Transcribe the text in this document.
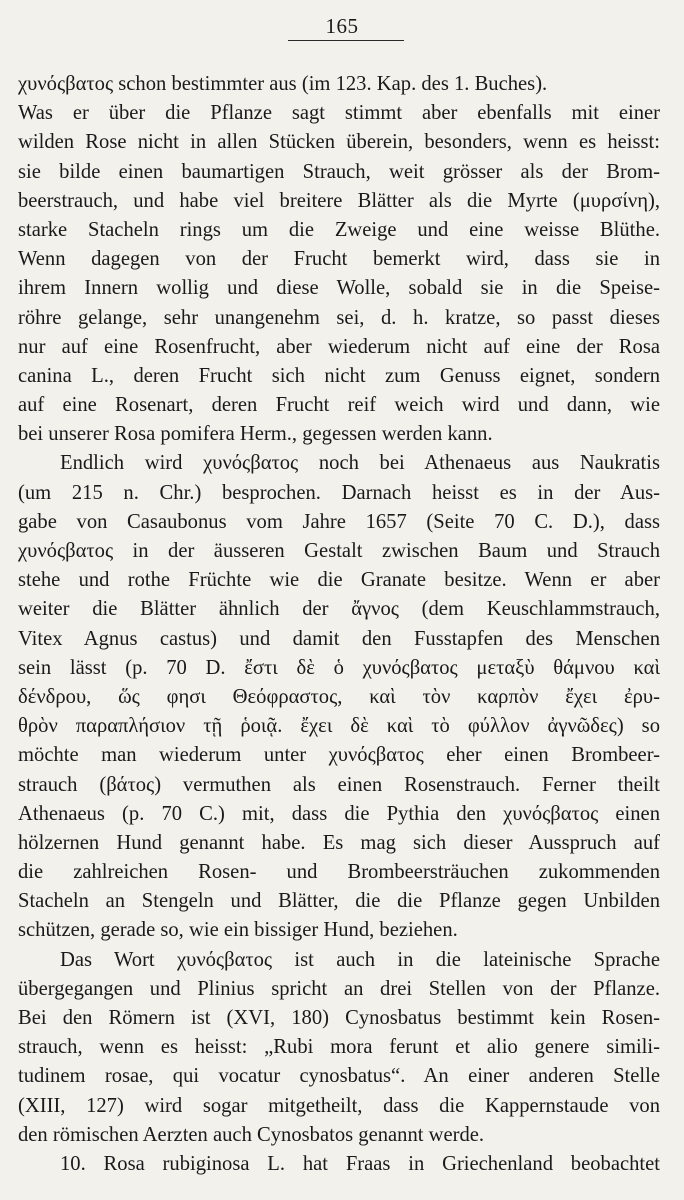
165
χυνόςβατος schon bestimmter aus (im 123. Kap. des 1. Buches).
Was er über die Pflanze sagt stimmt aber ebenfalls mit einer
wilden Rose nicht in allen Stücken überein, besonders, wenn es heisst:
sie bilde einen baumartigen Strauch, weit grösser als der Brom-
beerstrauch, und habe viel breitere Blätter als die Myrte (μυρσίνη),
starke Stacheln rings um die Zweige und eine weisse Blüthe.
Wenn dagegen von der Frucht bemerkt wird, dass sie in
ihrem Innern wollig und diese Wolle, sobald sie in die Speise-
röhre gelange, sehr unangenehm sei, d. h. kratze, so passt dieses
nur auf eine Rosenfrucht, aber wiederum nicht auf eine der Rosa
canina L., deren Frucht sich nicht zum Genuss eignet, sondern
auf eine Rosenart, deren Frucht reif weich wird und dann, wie
bei unserer Rosa pomifera Herm., gegessen werden kann.
Endlich wird χυνόςβατος noch bei Athenaeus aus Naukratis
(um 215 n. Chr.) besprochen. Darnach heisst es in der Aus-
gabe von Casaubonus vom Jahre 1657 (Seite 70 C. D.), dass
χυνόςβατος in der äusseren Gestalt zwischen Baum und Strauch
stehe und rothe Früchte wie die Granate besitze. Wenn er aber
weiter die Blätter ähnlich der ἄγνος (dem Keuschlammstrauch,
Vitex Agnus castus) und damit den Fusstapfen des Menschen
sein lässt (p. 70 D. ἔστι δὲ ὁ χυνόςβατος μεταξὺ θάμνου καὶ
δένδρου, ὥς φησι Θεόφραστος, καὶ τὸν καρπὸν ἔχει ἐρυ-
θρὸν παραπλήσιον τῇ ῥοιᾷ. ἔχει δὲ καὶ τὸ φύλλον ἀγνῶδες) so
möchte man wiederum unter χυνόςβατος eher einen Brombeer-
strauch (βάτος) vermuthen als einen Rosenstrauch. Ferner theilt
Athenaeus (p. 70 C.) mit, dass die Pythia den χυνόςβατος einen
hölzernen Hund genannt habe. Es mag sich dieser Ausspruch auf
die zahlreichen Rosen- und Brombeersträuchen zukommenden
Stacheln an Stengeln und Blätter, die die Pflanze gegen Unbilden
schützen, gerade so, wie ein bissiger Hund, beziehen.
Das Wort χυνόςβατος ist auch in die lateinische Sprache
übergegangen und Plinius spricht an drei Stellen von der Pflanze.
Bei den Römern ist (XVI, 180) Cynosbatus bestimmt kein Rosen-
strauch, wenn es heisst: „Rubi mora ferunt et alio genere simili-
tudinem rosae, qui vocatur cynosbatus“. An einer anderen Stelle
(XIII, 127) wird sogar mitgetheilt, dass die Kappernstaude von
den römischen Aerzten auch Cynosbatos genannt werde.
10. Rosa rubiginosa L. hat Fraas in Griechenland beobachtet
